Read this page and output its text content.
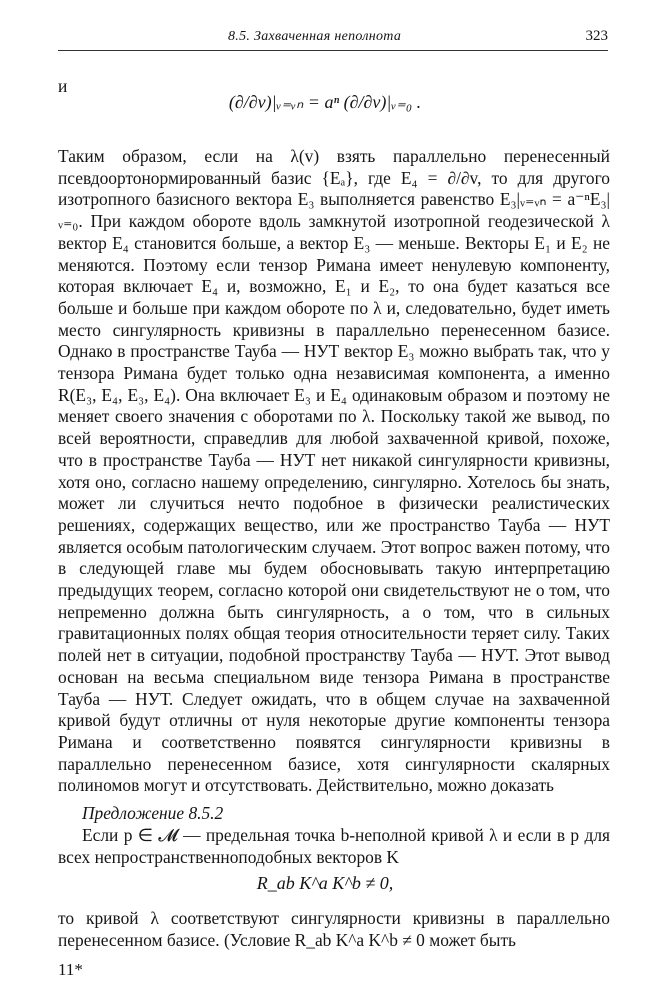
8.5. Захваченная неполнота	323
и
(∂/∂v)|ᵥ₌ᵥₙ = aⁿ (∂/∂v)|ᵥ₌₀ .
Таким образом, если на λ(v) взять параллельно перенесенный псевдоортонормированный базис {Eₐ}, где E₄ = ∂/∂v, то для другого изотропного базисного вектора E₃ выполняется равенство E₃|ᵥ₌ᵥₙ = a⁻ⁿE₃|ᵥ₌₀. При каждом обороте вдоль замкнутой изотропной геодезической λ вектор E₄ становится больше, а вектор E₃ — меньше. Векторы E₁ и E₂ не меняются. Поэтому если тензор Римана имеет ненулевую компоненту, которая включает E₄ и, возможно, E₁ и E₂, то она будет казаться все больше и больше при каждом обороте по λ и, следовательно, будет иметь место сингулярность кривизны в параллельно перенесенном базисе. Однако в пространстве Тауба — НУТ вектор E₃ можно выбрать так, что у тензора Римана будет только одна независимая компонента, а именно R(E₃, E₄, E₃, E₄). Она включает E₃ и E₄ одинаковым образом и поэтому не меняет своего значения с оборотами по λ. Поскольку такой же вывод, по всей вероятности, справедлив для любой захваченной кривой, похоже, что в пространстве Тауба — НУТ нет никакой сингулярности кривизны, хотя оно, согласно нашему определению, сингулярно. Хотелось бы знать, может ли случиться нечто подобное в физически реалистических решениях, содержащих вещество, или же пространство Тауба — НУТ является особым патологическим случаем. Этот вопрос важен потому, что в следующей главе мы будем обосновывать такую интерпретацию предыдущих теорем, согласно которой они свидетельствуют не о том, что непременно должна быть сингулярность, а о том, что в сильных гравитационных полях общая теория относительности теряет силу. Таких полей нет в ситуации, подобной пространству Тауба — НУТ. Этот вывод основан на весьма специальном виде тензора Римана в пространстве Тауба — НУТ. Следует ожидать, что в общем случае на захваченной кривой будут отличны от нуля некоторые другие компоненты тензора Римана и соответственно появятся сингулярности кривизны в параллельно перенесенном базисе, хотя сингулярности скалярных полиномов могут и отсутствовать. Действительно, можно доказать
Предложение 8.5.2
Если p ∈ 𝓜 — предельная точка b-неполной кривой λ и если в p для всех непространственноподобных векторов K
R_ab K^a K^b ≠ 0,
то кривой λ соответствуют сингулярности кривизны в параллельно перенесенном базисе. (Условие R_ab K^a K^b ≠ 0 может быть
11*
